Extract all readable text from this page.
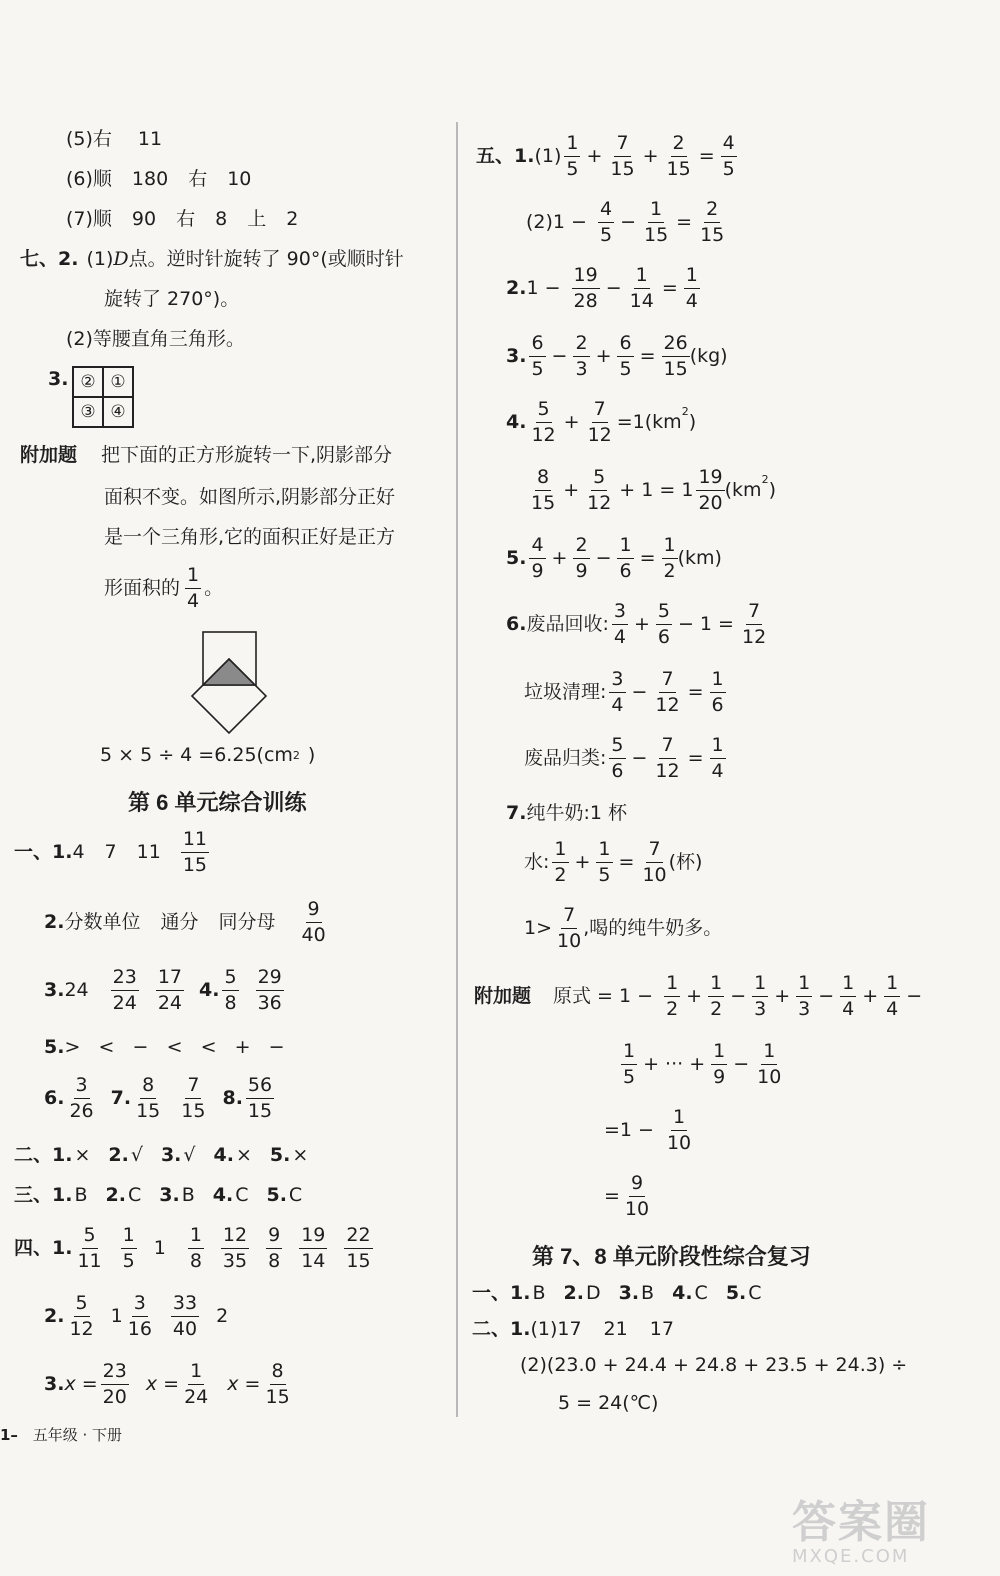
(5)右 11
(6)顺 180 右 10
(7)顺 90 右 8 上 2
七、2. (1) D 点。逆时针旋转了 90°(或顺时针
旋转了 270°)。
(2)等腰直角三角形。
3. ② ①
③ ④
附加题 把下面的正方形旋转一下,阴影部分
面积不变。如图所示,阴影部分正好
是一个三角形,它的面积正好是正方
形面积的 $\frac{1}{4}$ 。
5 × 5 ÷ 4 =6.25(cm 2 )
第 6 单元综合训练
一、1. 4 7 $11 \frac{11}{15}$
2. 分数单位 通分 同分母 $\frac{9}{40}$
3. $24 \frac{23}{24} \frac{17}{24} 4$. $\frac{5}{8} \frac{29}{36}$
5. >   <   −   <   <   +   −
6. $\frac{3}{26} 7$. $\frac{8}{15} \frac{7}{15} 8$. $\frac{56}{15}$
二、1. × 2. √ 3. √ 4. × 5. ×
三、1. B 2. C 3. B 4. C 5. C
四、1. $\frac{5}{11} \frac{1}{5} 1 \frac{1}{8} \frac{12}{35} \frac{9}{8} \frac{19}{14} \frac{22}{15}$
2. $\frac{5}{12} 1 \frac{3}{16} \frac{33}{40} 2$
3. $x = \frac{23}{20}$ $x = \frac{1}{24}$ $x = \frac{8}{15}$
1– 五年级 · 下册
五、1. $(1) \frac{1}{5} + \frac{7}{15} + \frac{2}{15} = \frac{4}{5}$
$(2)1 - \frac{4}{5} - \frac{1}{15} = \frac{2}{15}$
2. $1 - \frac{19}{28} - \frac{1}{14} = \frac{1}{4}$
3. $\frac{6}{5} - \frac{2}{3} + \frac{6}{5} = \frac{26}{15} (kg)$
4. $\frac{5}{12} + \frac{7}{12} =1(km^2$ )
$\frac{8}{15} + \frac{5}{12} + 1 = 1 \frac{19}{20} (km^2$ )
5. $\frac{4}{9} + \frac{2}{9} - \frac{1}{6} = \frac{1}{2} (km)$
6. 废品回收: $\frac{3}{4} + \frac{5}{6} - 1 = \frac{7}{12}$
垃圾清理: $\frac{3}{4} - \frac{7}{12} = \frac{1}{6}$
废品归类: $\frac{5}{6} - \frac{7}{12} = \frac{1}{4}$
7. 纯牛奶:1 杯
水: $\frac{1}{2} + \frac{1}{5} = \frac{7}{10}$ (杯)
$1> \frac{7}{10}$ ,喝的纯牛奶多。
附加题 原式 = $1 - \frac{1}{2} + \frac{1}{2} - \frac{1}{3} + \frac{1}{3} - \frac{1}{4} + \frac{1}{4}$ −
$\frac{1}{5}$ + ··· + $\frac{1}{9} - \frac{1}{10}$
$=1 - \frac{1}{10}$
= $\frac{9}{10}$
第 7、8 单元阶段性综合复习
一、1. B 2. D 3. B 4. C 5. C
二、1. (1)17 21 17
(2)(23.0 + 24.4 + 24.8 + 23.5 + 24.3) ÷
5 = 24(℃)
答案圈
MXQE.COM
